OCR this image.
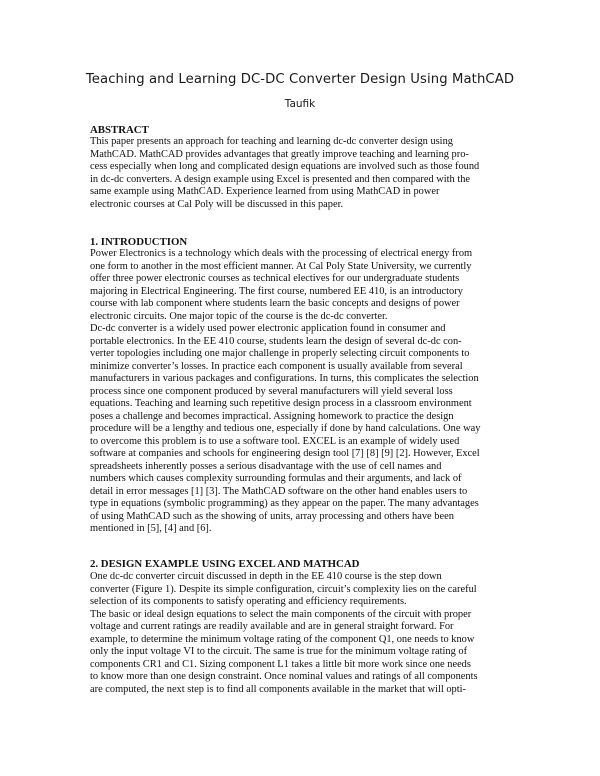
Teaching and Learning DC-DC Converter Design Using MathCAD
Taufik
ABSTRACT
This paper presents an approach for teaching and learning dc-dc converter design using
MathCAD. MathCAD provides advantages that greatly improve teaching and learning pro-
cess especially when long and complicated design equations are involved such as those found
in dc-dc converters. A design example using Excel is presented and then compared with the
same example using MathCAD. Experience learned from using MathCAD in power
electronic courses at Cal Poly will be discussed in this paper.
1. INTRODUCTION
Power Electronics is a technology which deals with the processing of electrical energy from
one form to another in the most efficient manner. At Cal Poly State University, we currently
offer three power electronic courses as technical electives for our undergraduate students
majoring in Electrical Engineering. The first course, numbered EE 410, is an introductory
course with lab component where students learn the basic concepts and designs of power
electronic circuits. One major topic of the course is the dc-dc converter.
Dc-dc converter is a widely used power electronic application found in consumer and
portable electronics. In the EE 410 course, students learn the design of several dc-dc con-
verter topologies including one major challenge in properly selecting circuit components to
minimize converter’s losses. In practice each component is usually available from several
manufacturers in various packages and configurations. In turns, this complicates the selection
process since one component produced by several manufacturers will yield several loss
equations. Teaching and learning such repetitive design process in a classroom environment
poses a challenge and becomes impractical. Assigning homework to practice the design
procedure will be a lengthy and tedious one, especially if done by hand calculations. One way
to overcome this problem is to use a software tool. EXCEL is an example of widely used
software at companies and schools for engineering design tool [7] [8] [9] [2]. However, Excel
spreadsheets inherently posses a serious disadvantage with the use of cell names and
numbers which causes complexity surrounding formulas and their arguments, and lack of
detail in error messages [1] [3]. The MathCAD software on the other hand enables users to
type in equations (symbolic programming) as they appear on the paper. The many advantages
of using MathCAD such as the showing of units, array processing and others have been
mentioned in [5], [4] and [6].
2. DESIGN EXAMPLE USING EXCEL AND MATHCAD
One dc-dc converter circuit discussed in depth in the EE 410 course is the step down
converter (Figure 1). Despite its simple configuration, circuit’s complexity lies on the careful
selection of its components to satisfy operating and efficiency requirements.
The basic or ideal design equations to select the main components of the circuit with proper
voltage and current ratings are readily available and are in general straight forward. For
example, to determine the minimum voltage rating of the component Q1, one needs to know
only the input voltage VI to the circuit. The same is true for the minimum voltage rating of
components CR1 and C1. Sizing component L1 takes a little bit more work since one needs
to know more than one design constraint. Once nominal values and ratings of all components
are computed, the next step is to find all components available in the market that will opti-
